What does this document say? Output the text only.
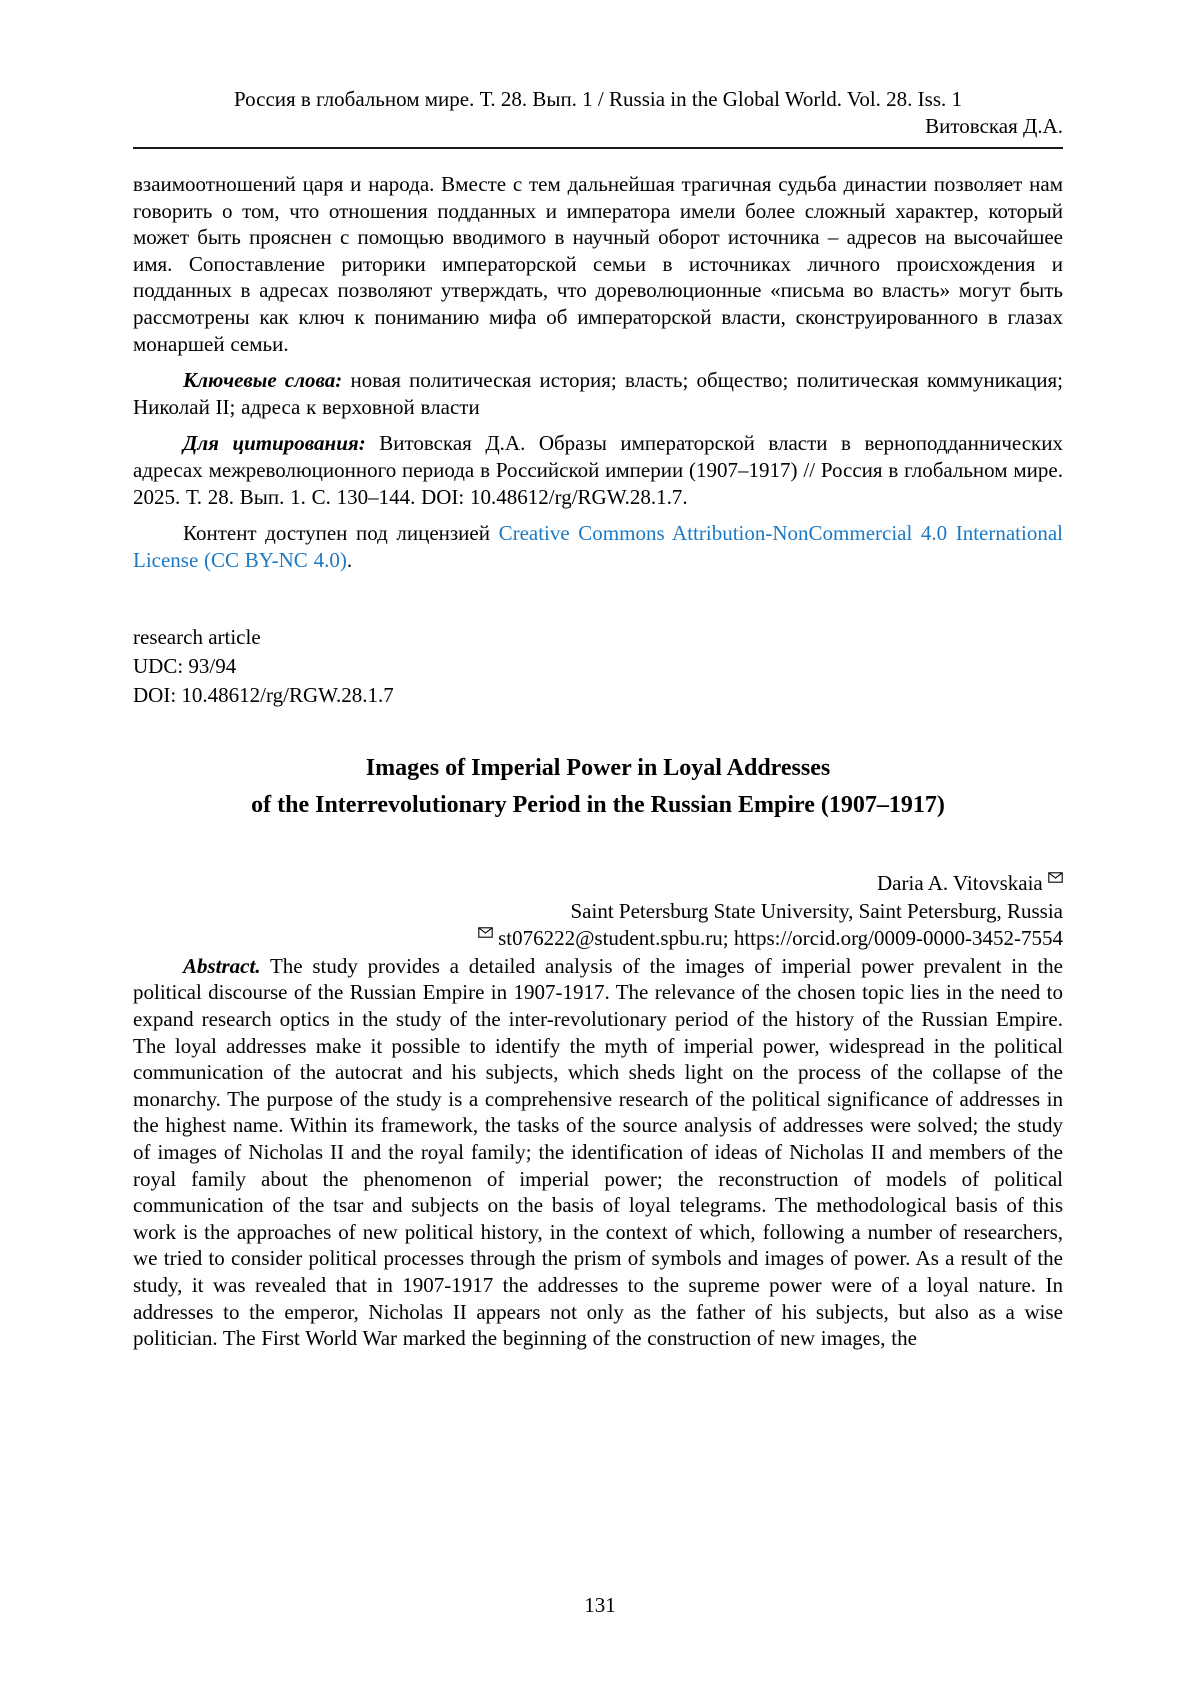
Россия в глобальном мире. Т. 28. Вып. 1 / Russia in the Global World. Vol. 28. Iss. 1
Витовская Д.А.

взаимоотношений царя и народа. Вместе с тем дальнейшая трагичная судьба династии позволяет нам говорить о том, что отношения подданных и императора имели более сложный характер, который может быть прояснен с помощью вводимого в научный оборот источника – адресов на высочайшее имя. Сопоставление риторики императорской семьи в источниках личного происхождения и подданных в адресах позволяют утверждать, что дореволюционные «письма во власть» могут быть рассмотрены как ключ к пониманию мифа об императорской власти, сконструированного в глазах монаршей семьи.

Ключевые слова: новая политическая история; власть; общество; политическая коммуникация; Николай II; адреса к верховной власти

Для цитирования: Витовская Д.А. Образы императорской власти в верноподданнических адресах межреволюционного периода в Российской империи (1907–1917) // Россия в глобальном мире. 2025. Т. 28. Вып. 1. С. 130–144. DOI: 10.48612/rg/RGW.28.1.7.

Контент доступен под лицензией Creative Commons Attribution-NonCommercial 4.0 International License (CC BY-NC 4.0).

research article
UDC: 93/94
DOI: 10.48612/rg/RGW.28.1.7
Images of Imperial Power in Loyal Addresses
of the Interrevolutionary Period in the Russian Empire (1907–1917)
Daria A. Vitovskaia
Saint Petersburg State University, Saint Petersburg, Russia
st076222@student.spbu.ru; https://orcid.org/0009-0000-3452-7554

Abstract. The study provides a detailed analysis of the images of imperial power prevalent in the political discourse of the Russian Empire in 1907-1917. The relevance of the chosen topic lies in the need to expand research optics in the study of the inter-revolutionary period of the history of the Russian Empire. The loyal addresses make it possible to identify the myth of imperial power, widespread in the political communication of the autocrat and his subjects, which sheds light on the process of the collapse of the monarchy. The purpose of the study is a comprehensive research of the political significance of addresses in the highest name. Within its framework, the tasks of the source analysis of addresses were solved; the study of images of Nicholas II and the royal family; the identification of ideas of Nicholas II and members of the royal family about the phenomenon of imperial power; the reconstruction of models of political communication of the tsar and subjects on the basis of loyal telegrams. The methodological basis of this work is the approaches of new political history, in the context of which, following a number of researchers, we tried to consider political processes through the prism of symbols and images of power. As a result of the study, it was revealed that in 1907-1917 the addresses to the supreme power were of a loyal nature. In addresses to the emperor, Nicholas II appears not only as the father of his subjects, but also as a wise politician. The First World War marked the beginning of the construction of new images, the

131
